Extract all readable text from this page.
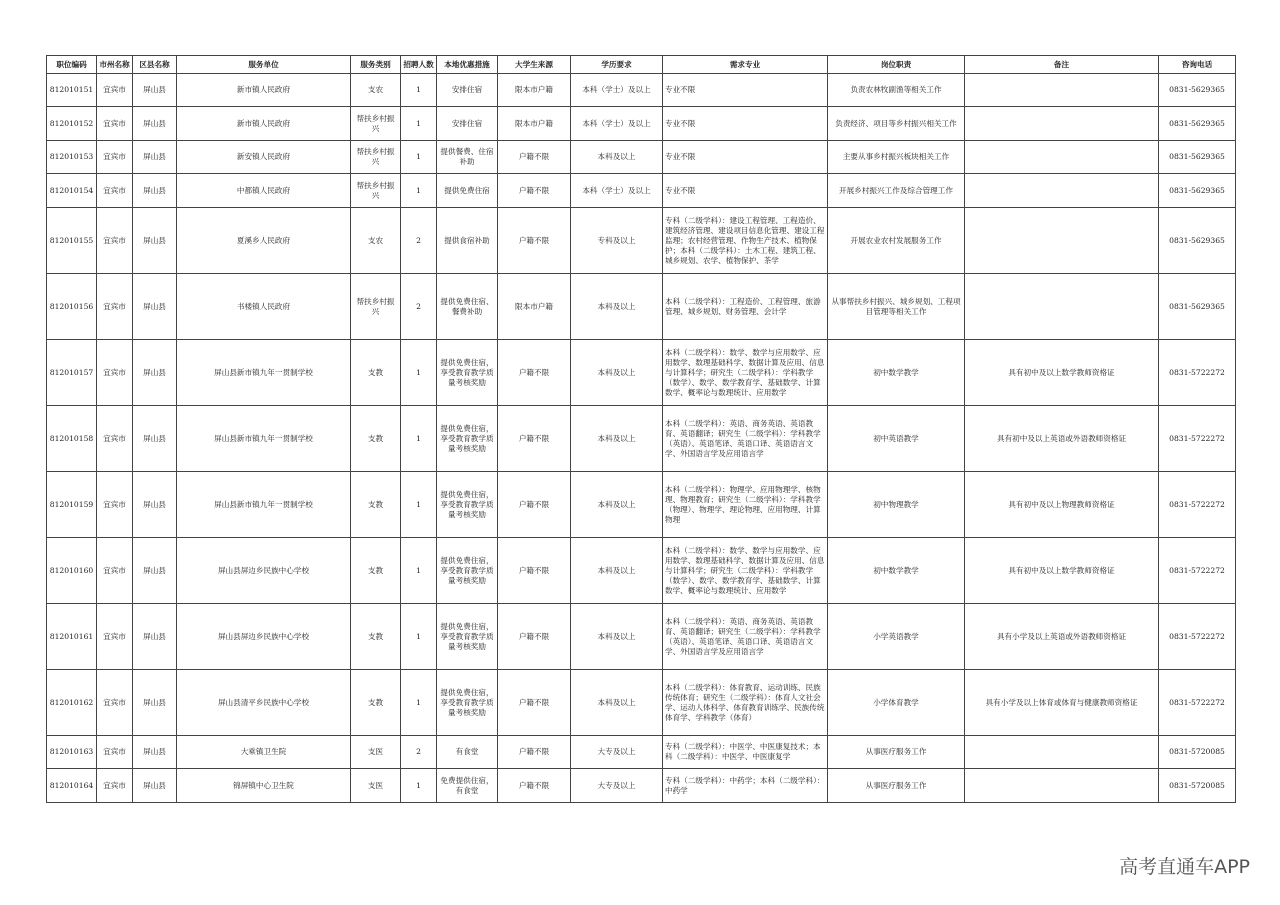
职位编码	市州名称	区县名称	服务单位	服务类别	招聘人数	本地优惠措施	大学生来源	学历要求	需求专业	岗位职责	备注	咨询电话
812010151	宜宾市	屏山县	新市镇人民政府	支农	1	安排住宿	限本市户籍	本科（学士）及以上	专业不限	负责农林牧副渔等相关工作		0831-5629365
812010152	宜宾市	屏山县	新市镇人民政府	帮扶乡村振兴	1	安排住宿	限本市户籍	本科（学士）及以上	专业不限	负责经济、项目等乡村振兴相关工作		0831-5629365
812010153	宜宾市	屏山县	新安镇人民政府	帮扶乡村振兴	1	提供餐费、住宿补助	户籍不限	本科及以上	专业不限	主要从事乡村振兴板块相关工作		0831-5629365
812010154	宜宾市	屏山县	中都镇人民政府	帮扶乡村振兴	1	提供免费住宿	户籍不限	本科（学士）及以上	专业不限	开展乡村振兴工作及综合管理工作		0831-5629365
812010155	宜宾市	屏山县	夏溪乡人民政府	支农	2	提供食宿补助	户籍不限	专科及以上	专科（二级学科）：建设工程管理、工程造价、建筑经济管理、建设项目信息化管理、建设工程监理；农村经营管理、作物生产技术、植物保护；本科（二级学科）：土木工程、建筑工程、城乡规划、农学、植物保护、茶学	开展农业农村发展服务工作		0831-5629365
812010156	宜宾市	屏山县	书楼镇人民政府	帮扶乡村振兴	2	提供免费住宿、餐费补助	限本市户籍	本科及以上	本科（二级学科）：工程造价、工程管理、旅游管理、城乡规划、财务管理、会计学	从事帮扶乡村振兴、城乡规划、工程项目管理等相关工作		0831-5629365
812010157	宜宾市	屏山县	屏山县新市镇九年一贯制学校	支教	1	提供免费住宿，享受教育教学质量考核奖励	户籍不限	本科及以上	本科（二级学科）：数学、数学与应用数学、应用数学、数理基础科学、数据计算及应用、信息与计算科学；研究生（二级学科）：学科教学（数学）、数学、数学教育学、基础数学、计算数学、概率论与数理统计、应用数学	初中数学教学	具有初中及以上数学教师资格证	0831-5722272
812010158	宜宾市	屏山县	屏山县新市镇九年一贯制学校	支教	1	提供免费住宿，享受教育教学质量考核奖励	户籍不限	本科及以上	本科（二级学科）：英语、商务英语、英语教育、英语翻译；研究生（二级学科）：学科教学（英语）、英语笔译、英语口译、英语语言文学、外国语言学及应用语言学	初中英语教学	具有初中及以上英语或外语教师资格证	0831-5722272
812010159	宜宾市	屏山县	屏山县新市镇九年一贯制学校	支教	1	提供免费住宿，享受教育教学质量考核奖励	户籍不限	本科及以上	本科（二级学科）：物理学、应用物理学、核物理、物理教育；研究生（二级学科）：学科教学（物理）、物理学、理论物理、应用物理、计算物理	初中物理教学	具有初中及以上物理教师资格证	0831-5722272
812010160	宜宾市	屏山县	屏山县屏边乡民族中心学校	支教	1	提供免费住宿，享受教育教学质量考核奖励	户籍不限	本科及以上	本科（二级学科）：数学、数学与应用数学、应用数学、数理基础科学、数据计算及应用、信息与计算科学；研究生（二级学科）：学科教学（数学）、数学、数学教育学、基础数学、计算数学、概率论与数理统计、应用数学	初中数学教学	具有初中及以上数学教师资格证	0831-5722272
812010161	宜宾市	屏山县	屏山县屏边乡民族中心学校	支教	1	提供免费住宿，享受教育教学质量考核奖励	户籍不限	本科及以上	本科（二级学科）：英语、商务英语、英语教育、英语翻译；研究生（二级学科）：学科教学（英语）、英语笔译、英语口译、英语语言文学、外国语言学及应用语言学	小学英语教学	具有小学及以上英语或外语教师资格证	0831-5722272
812010162	宜宾市	屏山县	屏山县清平乡民族中心学校	支教	1	提供免费住宿，享受教育教学质量考核奖励	户籍不限	本科及以上	本科（二级学科）：体育教育、运动训练、民族传统体育；研究生（二级学科）：体育人文社会学、运动人体科学、体育教育训练学、民族传统体育学、学科教学（体育）	小学体育教学	具有小学及以上体育或体育与健康教师资格证	0831-5722272
812010163	宜宾市	屏山县	大乘镇卫生院	支医	2	有食堂	户籍不限	大专及以上	专科（二级学科）：中医学、中医康复技术；本科（二级学科）：中医学、中医康复学	从事医疗服务工作		0831-5720085
812010164	宜宾市	屏山县	锦屏镇中心卫生院	支医	1	免费提供住宿，有食堂	户籍不限	大专及以上	专科（二级学科）：中药学；本科（二级学科）：中药学	从事医疗服务工作		0831-5720085
高考直通车APP
